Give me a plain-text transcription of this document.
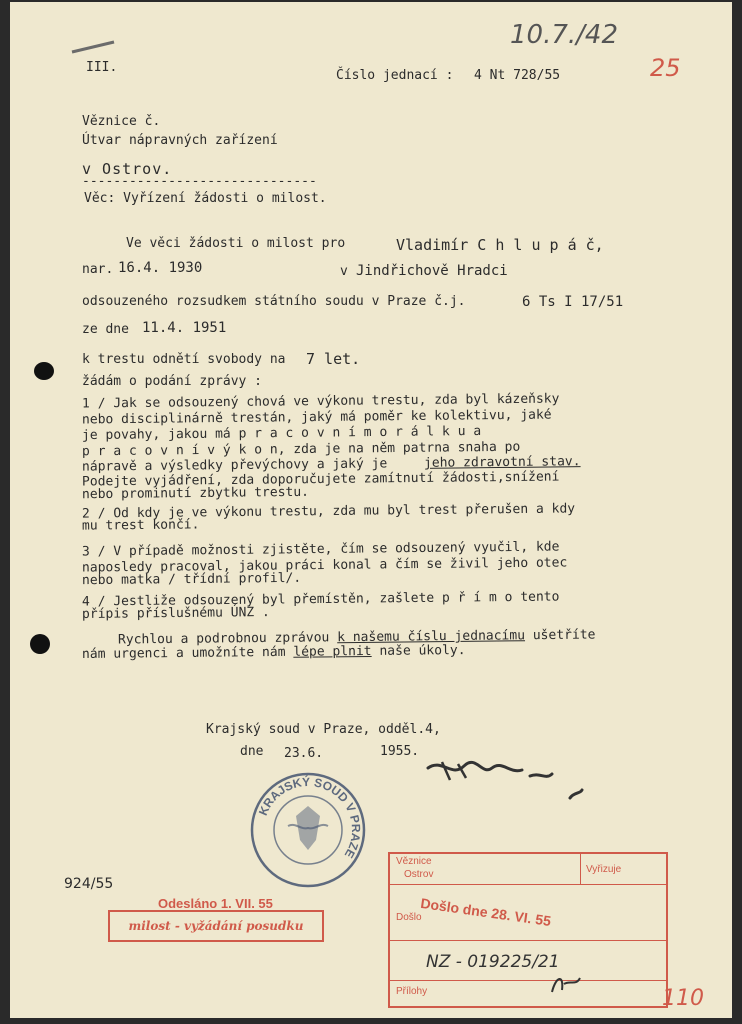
III.
Číslo jednací : 4 Nt 728/55
10.7./42
25
Věznice č.
Útvar nápravných zařízení
v Ostrov.
------------------------------
Věc: Vyřízení žádosti o milost.
Ve věci žádosti o milost pro	Vladimír C h l u p á č,
nar. 16.4. 1930	v Jindřichově Hradci
odsouzeného rozsudkem státního soudu v Praze č.j.	6 Ts I 17/51
ze dne 11.4. 1951
k trestu odnětí svobody na 7 let.
žádám o podání zprávy :
1 / Jak se odsouzený chová ve výkonu trestu, zda byl kázeňsky
nebo disciplinárně trestán, jaký má poměr ke kolektivu, jaké
je povahy, jakou má p r a c o v n í m o r á l k u a
p r a c o v n í v ý k o n, zda je na něm patrna snaha po
nápravě a výsledky převýchovy a jaký je	jeho zdravotní stav.
Podejte vyjádření, zda doporučujete zamítnutí žádosti,snížení
nebo prominutí zbytku trestu.
2 / Od kdy je ve výkonu trestu, zda mu byl trest přerušen a kdy
mu trest končí.
3 / V případě možnosti zjistěte, čím se odsouzený vyučil, kde
naposledy pracoval, jakou práci konal a čím se živil jeho otec
nebo matka / třídní profil/.
4 / Jestliže odsouzený byl přemístěn, zašlete p ř í m o tento
přípis příslušnému ÚNZ .
Rychlou a podrobnou zprávou k našemu číslu jednacímu ušetříte
nám urgenci a umožníte nám lépe plnit naše úkoly.
Krajský soud v Praze, odděl.4,
dne 23.6.	1955.
KRAJSKÝ SOUD V PRAZE
924/55
Odesláno 1. VII. 55
milost - vyžádání posudku
Věznice
Ostrov	Vyřizuje
Došlo
Došlo dne 28. VI. 55
NZ - 019225/21
Přílohy	110
